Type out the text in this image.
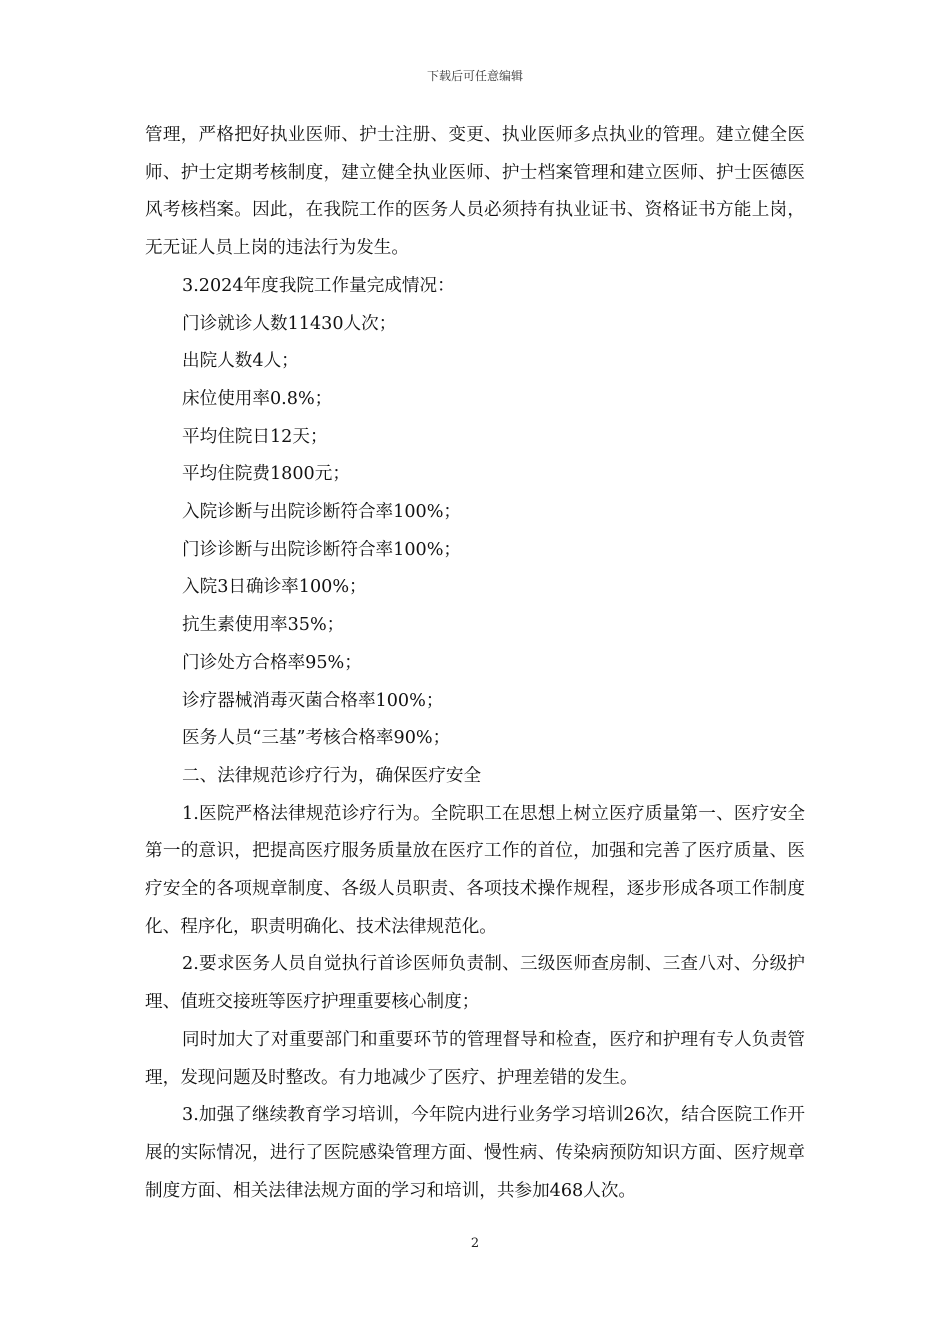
下载后可任意编辑

管理，严格把好执业医师、护士注册、变更、执业医师多点执业的管理。建立健全医师、护士定期考核制度，建立健全执业医师、护士档案管理和建立医师、护士医德医风考核档案。因此，在我院工作的医务人员必须持有执业证书、资格证书方能上岗，无无证人员上岗的违法行为发生。

3.2024年度我院工作量完成情况：

门诊就诊人数11430人次；

出院人数4人；

床位使用率0.8%；

平均住院日12天；

平均住院费1800元；

入院诊断与出院诊断符合率100%；

门诊诊断与出院诊断符合率100%；

入院3日确诊率100%；

抗生素使用率35%；

门诊处方合格率95%；

诊疗器械消毒灭菌合格率100%；

医务人员“三基”考核合格率90%；

二、法律规范诊疗行为，确保医疗安全

1.医院严格法律规范诊疗行为。全院职工在思想上树立医疗质量第一、医疗安全第一的意识，把提高医疗服务质量放在医疗工作的首位，加强和完善了医疗质量、医疗安全的各项规章制度、各级人员职责、各项技术操作规程，逐步形成各项工作制度化、程序化，职责明确化、技术法律规范化。

2.要求医务人员自觉执行首诊医师负责制、三级医师查房制、三查八对、分级护理、值班交接班等医疗护理重要核心制度；

同时加大了对重要部门和重要环节的管理督导和检查，医疗和护理有专人负责管理，发现问题及时整改。有力地减少了医疗、护理差错的发生。

3.加强了继续教育学习培训，今年院内进行业务学习培训26次，结合医院工作开展的实际情况，进行了医院感染管理方面、慢性病、传染病预防知识方面、医疗规章制度方面、相关法律法规方面的学习和培训，共参加468人次。

2
